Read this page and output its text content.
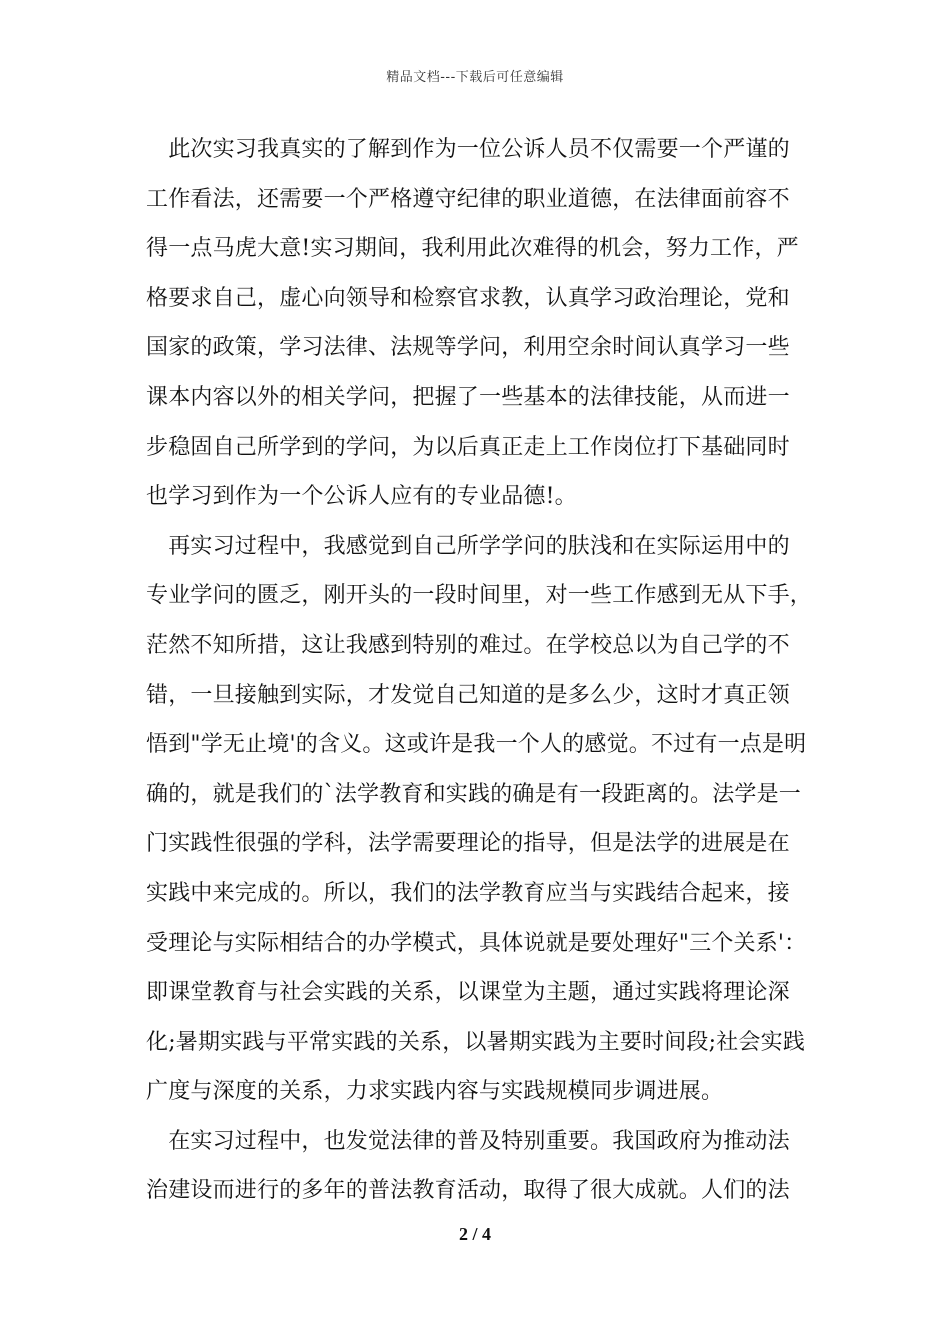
精品文档---下载后可任意编辑
　此次实习我真实的了解到作为一位公诉人员不仅需要一个严谨的
工作看法，还需要一个严格遵守纪律的职业道德，在法律面前容不
得一点马虎大意!实习期间，我利用此次难得的机会，努力工作，严
格要求自己，虚心向领导和检察官求教，认真学习政治理论，党和
国家的政策，学习法律、法规等学问，利用空余时间认真学习一些
课本内容以外的相关学问，把握了一些基本的法律技能，从而进一
步稳固自己所学到的学问，为以后真正走上工作岗位打下基础同时
也学习到作为一个公诉人应有的专业品德!。
　再实习过程中，我感觉到自己所学学问的肤浅和在实际运用中的
专业学问的匮乏，刚开头的一段时间里，对一些工作感到无从下手，
茫然不知所措，这让我感到特别的难过。在学校总以为自己学的不
错，一旦接触到实际，才发觉自己知道的是多么少，这时才真正领
悟到"学无止境'的含义。这或许是我一个人的感觉。不过有一点是明
确的，就是我们的`法学教育和实践的确是有一段距离的。法学是一
门实践性很强的学科，法学需要理论的指导，但是法学的进展是在
实践中来完成的。所以，我们的法学教育应当与实践结合起来，接
受理论与实际相结合的办学模式，具体说就是要处理好"三个关系'：
即课堂教育与社会实践的关系，以课堂为主题，通过实践将理论深
化;暑期实践与平常实践的关系，以暑期实践为主要时间段;社会实践
广度与深度的关系，力求实践内容与实践规模同步调进展。
　在实习过程中，也发觉法律的普及特别重要。我国政府为推动法
治建设而进行的多年的普法教育活动，取得了很大成就。人们的法
2 / 4
